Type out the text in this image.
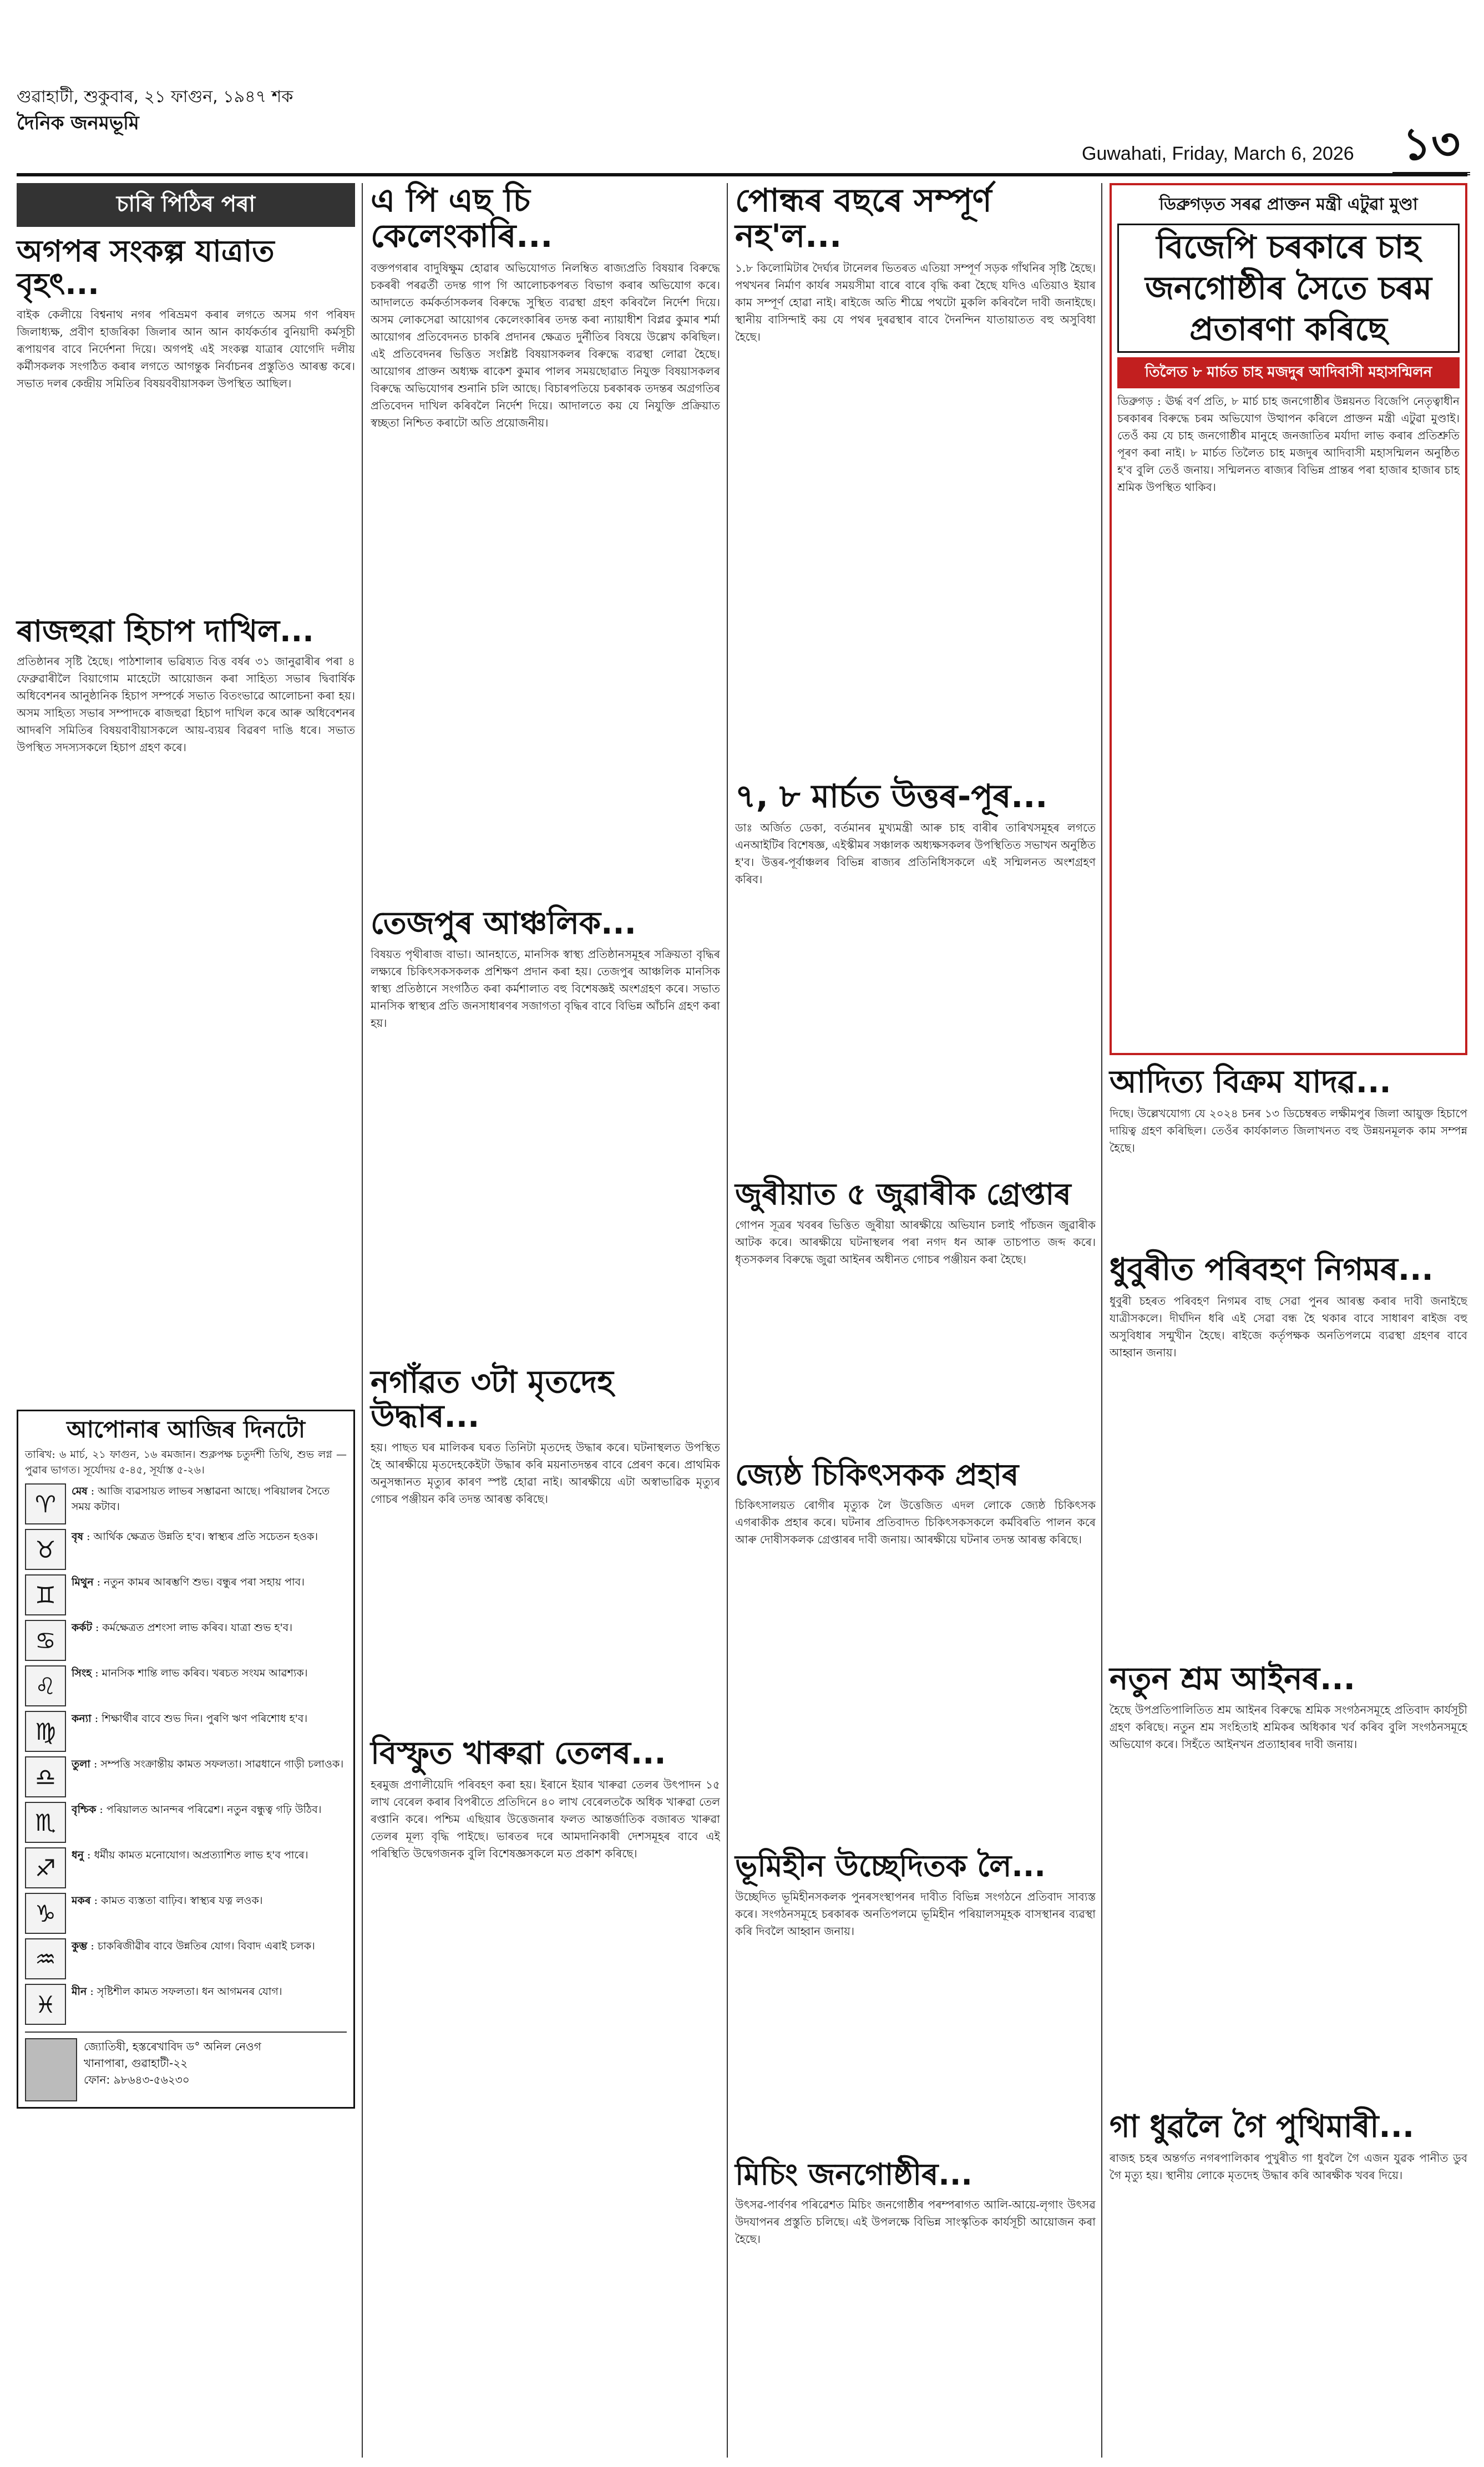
গুৱাহাটী, শুকুবাৰ, ২১ ফাগুন, ১৯৪৭ শক
দৈনিক জনমভূমি
Guwahati, Friday, March 6, 2026 ১৩
চাৰি পিঠিৰ পৰা
অগপৰ সংকল্প যাত্ৰাত বৃহৎ...
বাইক কেলীয়ে বিশ্বনাথ নগৰ পৰিভ্ৰমণ কৰাৰ লগতে অসম গণ পৰিষদ জিলাধ্যক্ষ, প্ৰবীণ হাজৰিকা জিলাৰ আন আন কাৰ্যকৰ্তাৰ বুনিয়াদী কৰ্মসূচী ৰূপায়ণৰ বাবে নিৰ্দেশনা দিয়ে। অগপই এই সংকল্প যাত্ৰাৰ যোগেদি দলীয় কৰ্মীসকলক সংগঠিত কৰাৰ লগতে আগন্তুক নিৰ্বাচনৰ প্ৰস্তুতিও আৰম্ভ কৰে। সভাত দলৰ কেন্দ্ৰীয় সমিতিৰ বিষয়ববীয়াসকল উপস্থিত আছিল।
ৰাজহুৱা হিচাপ দাখিল...
প্ৰতিষ্ঠানৰ সৃষ্টি হৈছে। পাঠশালাৰ ভৱিষ্যত বিত্ত বৰ্ষৰ ৩১ জানুৱাৰীৰ পৰা ৪ ফেব্ৰুৱাৰীলৈ বিয়াগোম মাহেটো আয়োজন কৰা সাহিত্য সভাৰ দ্বিবাৰ্ষিক অধিবেশনৰ আনুষ্ঠানিক হিচাপ সম্পৰ্কে সভাত বিতংভাৱে আলোচনা কৰা হয়। অসম সাহিত্য সভাৰ সম্পাদকে ৰাজহুৱা হিচাপ দাখিল কৰে আৰু অধিবেশনৰ আদৰণি সমিতিৰ বিষয়বাবীয়াসকলে আয়-ব্যয়ৰ বিৱৰণ দাঙি ধৰে। সভাত উপস্থিত সদস্যসকলে হিচাপ গ্ৰহণ কৰে।
আপোনাৰ আজিৰ দিনটো
তাৰিখ: ৬ মাৰ্চ, ২১ ফাগুন, ১৬ ৰমজান। শুক্লপক্ষ চতুৰ্দশী তিথি, শুভ লগ্ন — পুৱাৰ ভাগত। সূৰ্যোদয় ৫-৪৫, সূৰ্যাস্ত ৫-২৬।
♈	মেষ : আজি ব্যৱসায়ত লাভৰ সম্ভাৱনা আছে। পৰিয়ালৰ সৈতে সময় কটাব।
♉	বৃষ : আৰ্থিক ক্ষেত্ৰত উন্নতি হ'ব। স্বাস্থ্যৰ প্ৰতি সচেতন হওক।
♊	মিথুন : নতুন কামৰ আৰম্ভণি শুভ। বন্ধুৰ পৰা সহায় পাব।
♋	কৰ্কট : কৰ্মক্ষেত্ৰত প্ৰশংসা লাভ কৰিব। যাত্ৰা শুভ হ'ব।
♌	সিংহ : মানসিক শান্তি লাভ কৰিব। খৰচত সংযম আৱশ্যক।
♍	কন্যা : শিক্ষাৰ্থীৰ বাবে শুভ দিন। পুৰণি ঋণ পৰিশোধ হ'ব।
♎	তুলা : সম্পত্তি সংক্ৰান্তীয় কামত সফলতা। সাৱধানে গাড়ী চলাওক।
♏	বৃশ্চিক : পৰিয়ালত আনন্দৰ পৰিৱেশ। নতুন বন্ধুত্ব গঢ়ি উঠিব।
♐	ধনু : ধৰ্মীয় কামত মনোযোগ। অপ্ৰত্যাশিত লাভ হ'ব পাৰে।
♑	মকৰ : কামত ব্যস্ততা বাঢ়িব। স্বাস্থ্যৰ যত্ন লওক।
♒	কুম্ভ : চাকৰিজীৱীৰ বাবে উন্নতিৰ যোগ। বিবাদ এৰাই চলক।
♓	মীন : সৃষ্টিশীল কামত সফলতা। ধন আগমনৰ যোগ।
জ্যোতিষী, হস্তৰেখাবিদ ড° অনিল নেওগ
খানাপাৰা, গুৱাহাটী-২২
ফোন: ৯৮৬৪৩-৫৬২৩০
এ পি এছ চি কেলেংকাৰি...
বক্তপগৰাৰ বাদুষিক্ষুম হোৱাৰ অভিযোগত নিলম্বিত ৰাজ্যপ্ৰতি বিষয়াৰ বিৰুদ্ধে চকৰৰী পৰৱৰ্তী তদন্ত গাপ গি আলোচকপৰত বিভাগ কৰাৰ অভিযোগ কৰে। আদালতে কৰ্মকৰ্তাসকলৰ বিৰুদ্ধে সুস্থিত ব্যৱস্থা গ্ৰহণ কৰিবলৈ নিৰ্দেশ দিয়ে। অসম লোকসেৱা আয়োগৰ কেলেংকাৰিৰ তদন্ত কৰা ন্যায়াধীশ বিপ্লৱ কুমাৰ শৰ্মা আয়োগৰ প্ৰতিবেদনত চাকৰি প্ৰদানৰ ক্ষেত্ৰত দুৰ্নীতিৰ বিষয়ে উল্লেখ কৰিছিল। এই প্ৰতিবেদনৰ ভিত্তিত সংশ্লিষ্ট বিষয়াসকলৰ বিৰুদ্ধে ব্যৱস্থা লোৱা হৈছে। আয়োগৰ প্ৰাক্তন অধ্যক্ষ ৰাকেশ কুমাৰ পালৰ সময়ছোৱাত নিযুক্ত বিষয়াসকলৰ বিৰুদ্ধে অভিযোগৰ শুনানি চলি আছে। বিচাৰপতিয়ে চৰকাৰক তদন্তৰ অগ্ৰগতিৰ প্ৰতিবেদন দাখিল কৰিবলৈ নিৰ্দেশ দিয়ে। আদালতে কয় যে নিযুক্তি প্ৰক্ৰিয়াত স্বচ্ছতা নিশ্চিত কৰাটো অতি প্ৰয়োজনীয়।
তেজপুৰ আঞ্চলিক...
বিষয়ত পৃথীৰাজ বাভা। আনহাতে, মানসিক স্বাস্থ্য প্ৰতিষ্ঠানসমূহৰ সক্ৰিয়তা বৃদ্ধিৰ লক্ষ্যৰে চিকিৎসকসকলক প্ৰশিক্ষণ প্ৰদান কৰা হয়। তেজপুৰ আঞ্চলিক মানসিক স্বাস্থ্য প্ৰতিষ্ঠানে সংগঠিত কৰা কৰ্মশালাত বহু বিশেষজ্ঞই অংশগ্ৰহণ কৰে। সভাত মানসিক স্বাস্থ্যৰ প্ৰতি জনসাধাৰণৰ সজাগতা বৃদ্ধিৰ বাবে বিভিন্ন আঁচনি গ্ৰহণ কৰা হয়।
নগাঁৱত ৩টা মৃতদেহ উদ্ধাৰ...
হয়। পাছত ঘৰ মালিকৰ ঘৰত তিনিটা মৃতদেহ উদ্ধাৰ কৰে। ঘটনাস্থলত উপস্থিত হৈ আৰক্ষীয়ে মৃতদেহকেইটা উদ্ধাৰ কৰি ময়নাতদন্তৰ বাবে প্ৰেৰণ কৰে। প্ৰাথমিক অনুসন্ধানত মৃত্যুৰ কাৰণ স্পষ্ট হোৱা নাই। আৰক্ষীয়ে এটা অস্বাভাৱিক মৃত্যুৰ গোচৰ পঞ্জীয়ন কৰি তদন্ত আৰম্ভ কৰিছে।
বিস্ফুত খাৰুৱা তেলৰ...
হৰমুজ প্ৰণালীয়েদি পৰিবহণ কৰা হয়। ইৰানে ইয়াৰ খাৰুৱা তেলৰ উৎপাদন ১৫ লাখ বেৰেল কৰাৰ বিপৰীতে প্ৰতিদিনে ৪০ লাখ বেৰেলতকৈ অধিক খাৰুৱা তেল ৰপ্তানি কৰে। পশ্চিম এছিয়াৰ উত্তেজনাৰ ফলত আন্তৰ্জাতিক বজাৰত খাৰুৱা তেলৰ মূল্য বৃদ্ধি পাইছে। ভাৰতৰ দৰে আমদানিকাৰী দেশসমূহৰ বাবে এই পৰিস্থিতি উদ্বেগজনক বুলি বিশেষজ্ঞসকলে মত প্ৰকাশ কৰিছে।
পোন্ধৰ বছৰে সম্পূৰ্ণ নহ'ল...
১.৮ কিলোমিটাৰ দৈৰ্ঘ্যৰ টানেলৰ ভিতৰত এতিয়া সম্পূৰ্ণ সড়ক গাঁথনিৰ সৃষ্টি হৈছে। পথখনৰ নিৰ্মাণ কাৰ্যৰ সময়সীমা বাৰে বাৰে বৃদ্ধি কৰা হৈছে যদিও এতিয়াও ইয়াৰ কাম সম্পূৰ্ণ হোৱা নাই। ৰাইজে অতি শীঘ্ৰে পথটো মুকলি কৰিবলৈ দাবী জনাইছে। স্থানীয় বাসিন্দাই কয় যে পথৰ দুৰৱস্থাৰ বাবে দৈনন্দিন যাতায়াতত বহু অসুবিধা হৈছে।
৭, ৮ মাৰ্চত উত্তৰ-পূৰ...
ডাঃ অৰ্জিত ডেকা, বৰ্তমানৰ মুখ্যমন্ত্ৰী আৰু চাহ বাৰীৰ তাৰিখসমূহৰ লগতে এনআইটিৰ বিশেষজ্ঞ, এইস্কীমৰ সঞ্চালক অধ্যক্ষসকলৰ উপস্থিতিত সভাখন অনুষ্ঠিত হ'ব। উত্তৰ-পূৰ্বাঞ্চলৰ বিভিন্ন ৰাজ্যৰ প্ৰতিনিধিসকলে এই সন্মিলনত অংশগ্ৰহণ কৰিব।
জুৰীয়াত ৫ জুৱাৰীক গ্ৰেপ্তাৰ
গোপন সূত্ৰৰ খবৰৰ ভিত্তিত জুৰীয়া আৰক্ষীয়ে অভিযান চলাই পাঁচজন জুৱাৰীক আটক কৰে। আৰক্ষীয়ে ঘটনাস্থলৰ পৰা নগদ ধন আৰু তাচপাত জব্দ কৰে। ধৃতসকলৰ বিৰুদ্ধে জুৱা আইনৰ অধীনত গোচৰ পঞ্জীয়ন কৰা হৈছে।
জ্যেষ্ঠ চিকিৎসকক প্ৰহাৰ
চিকিৎসালয়ত ৰোগীৰ মৃত্যুক লৈ উত্তেজিত এদল লোকে জ্যেষ্ঠ চিকিৎসক এগৰাকীক প্ৰহাৰ কৰে। ঘটনাৰ প্ৰতিবাদত চিকিৎসকসকলে কৰ্মবিৰতি পালন কৰে আৰু দোষীসকলক গ্ৰেপ্তাৰৰ দাবী জনায়। আৰক্ষীয়ে ঘটনাৰ তদন্ত আৰম্ভ কৰিছে।
ভূমিহীন উচ্ছেদিতক লৈ...
উচ্ছেদিত ভূমিহীনসকলক পুনৰসংস্থাপনৰ দাবীত বিভিন্ন সংগঠনে প্ৰতিবাদ সাব্যস্ত কৰে। সংগঠনসমূহে চৰকাৰক অনতিপলমে ভূমিহীন পৰিয়ালসমূহক বাসস্থানৰ ব্যৱস্থা কৰি দিবলৈ আহ্বান জনায়।
মিচিং জনগোষ্ঠীৰ...
উৎসৱ-পাৰ্বণৰ পৰিৱেশত মিচিং জনগোষ্ঠীৰ পৰম্পৰাগত আলি-আয়ে-লৃগাং উৎসৱ উদযাপনৰ প্ৰস্তুতি চলিছে। এই উপলক্ষে বিভিন্ন সাংস্কৃতিক কাৰ্যসূচী আয়োজন কৰা হৈছে।
ডিব্ৰুগড়ত সৰৱ প্ৰাক্তন মন্ত্ৰী এটুৱা মুণ্ডা
বিজেপি চৰকাৰে চাহ
জনগোষ্ঠীৰ সৈতে চৰম
প্ৰতাৰণা কৰিছে
তিলৈত ৮ মাৰ্চত চাহ মজদুৰ আদিবাসী মহাসন্মিলন
ডিব্ৰুগড় : ঊৰ্দ্ধ বৰ্ণ প্ৰতি, ৮ মাৰ্চ চাহ জনগোষ্ঠীৰ উন্নয়নত বিজেপি নেতৃত্বাধীন চৰকাৰৰ বিৰুদ্ধে চৰম অভিযোগ উত্থাপন কৰিলে প্ৰাক্তন মন্ত্ৰী এটুৱা মুণ্ডাই। তেওঁ কয় যে চাহ জনগোষ্ঠীৰ মানুহে জনজাতিৰ মৰ্যাদা লাভ কৰাৰ প্ৰতিশ্ৰুতি পূৰণ কৰা নাই। ৮ মাৰ্চত তিলৈত চাহ মজদুৰ আদিবাসী মহাসন্মিলন অনুষ্ঠিত হ'ব বুলি তেওঁ জনায়। সন্মিলনত ৰাজ্যৰ বিভিন্ন প্ৰান্তৰ পৰা হাজাৰ হাজাৰ চাহ শ্ৰমিক উপস্থিত থাকিব।
আদিত্য বিক্ৰম যাদৱ...
দিছে। উল্লেখযোগ্য যে ২০২৪ চনৰ ১৩ ডিচেম্বৰত লক্ষীমপুৰ জিলা আয়ুক্ত হিচাপে দায়িত্ব গ্ৰহণ কৰিছিল। তেওঁৰ কাৰ্যকালত জিলাখনত বহু উন্নয়নমূলক কাম সম্পন্ন হৈছে।
ধুবুৰীত পৰিবহণ নিগমৰ...
ধুবুৰী চহৰত পৰিবহণ নিগমৰ বাছ সেৱা পুনৰ আৰম্ভ কৰাৰ দাবী জনাইছে যাত্ৰীসকলে। দীৰ্ঘদিন ধৰি এই সেৱা বন্ধ হৈ থকাৰ বাবে সাধাৰণ ৰাইজ বহু অসুবিধাৰ সন্মুখীন হৈছে। ৰাইজে কৰ্তৃপক্ষক অনতিপলমে ব্যৱস্থা গ্ৰহণৰ বাবে আহ্বান জনায়।
নতুন শ্ৰম আইনৰ...
হৈছে উপপ্ৰতিপালিতিত শ্ৰম আইনৰ বিৰুদ্ধে শ্ৰমিক সংগঠনসমূহে প্ৰতিবাদ কাৰ্যসূচী গ্ৰহণ কৰিছে। নতুন শ্ৰম সংহিতাই শ্ৰমিকৰ অধিকাৰ খৰ্ব কৰিব বুলি সংগঠনসমূহে অভিযোগ কৰে। সিহঁতে আইনখন প্ৰত্যাহাৰৰ দাবী জনায়।
গা ধুৱলৈ গৈ পুথিমাৰী...
ৰাজহ চহৰ অন্তৰ্গত নগৰপালিকাৰ পুখুৰীত গা ধুবলৈ গৈ এজন যুৱক পানীত ডুব গৈ মৃত্যু হয়। স্থানীয় লোকে মৃতদেহ উদ্ধাৰ কৰি আৰক্ষীক খবৰ দিয়ে।
